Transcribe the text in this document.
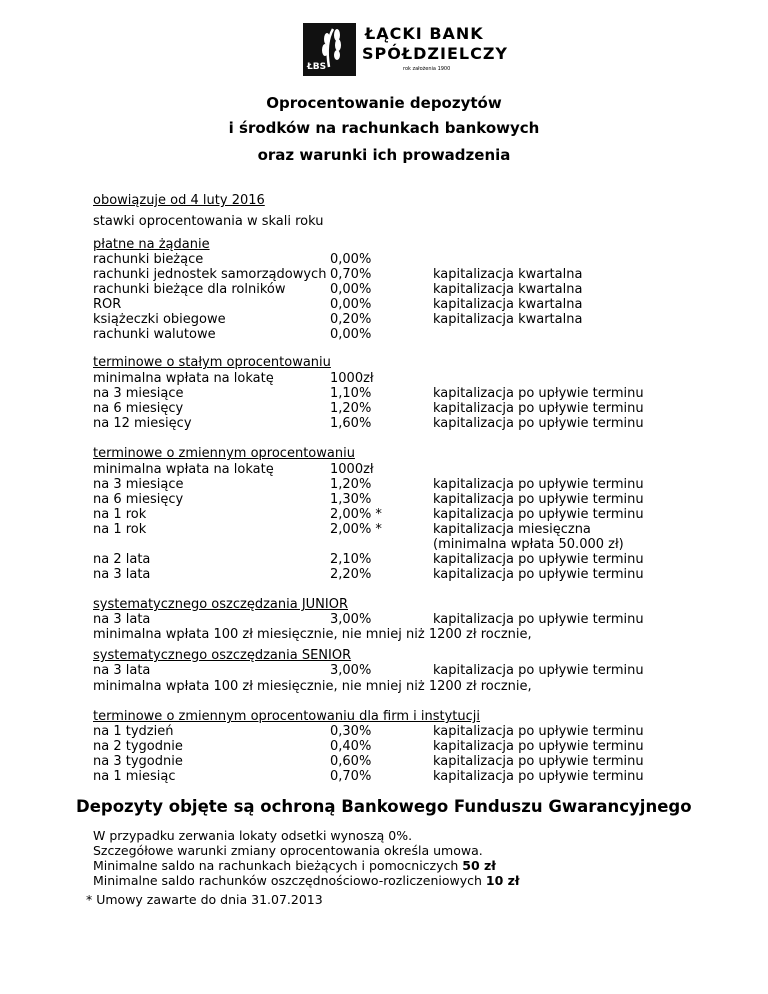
ŁBS
ŁĄCKI BANK
SPÓŁDZIELCZY
rok założenia 1900
Oprocentowanie depozytów
i środków na rachunkach bankowych
oraz warunki ich prowadzenia
obowiązuje od 4 luty 2016
stawki oprocentowania w skali roku
płatne na żądanie
rachunki bieżące	0,00%
rachunki jednostek samorządowych 0,70%	kapitalizacja kwartalna
rachunki bieżące dla rolników	0,00%	kapitalizacja kwartalna
ROR	0,00%	kapitalizacja kwartalna
książeczki obiegowe	0,20%	kapitalizacja kwartalna
rachunki walutowe	0,00%
terminowe o stałym oprocentowaniu
minimalna wpłata na lokatę	1000zł
na 3 miesiące	1,10%	kapitalizacja po upływie terminu
na 6 miesięcy	1,20%	kapitalizacja po upływie terminu
na 12 miesięcy	1,60%	kapitalizacja po upływie terminu
terminowe o zmiennym oprocentowaniu
minimalna wpłata na lokatę	1000zł
na 3 miesiące	1,20%	kapitalizacja po upływie terminu
na 6 miesięcy	1,30%	kapitalizacja po upływie terminu
na 1 rok	2,00% *	kapitalizacja po upływie terminu
na 1 rok	2,00% *	kapitalizacja miesięczna
(minimalna wpłata 50.000 zł)
na 2 lata	2,10%	kapitalizacja po upływie terminu
na 3 lata	2,20%	kapitalizacja po upływie terminu
systematycznego oszczędzania JUNIOR
na 3 lata	3,00%	kapitalizacja po upływie terminu
minimalna wpłata 100 zł miesięcznie, nie mniej niż 1200 zł rocznie,
systematycznego oszczędzania SENIOR
na 3 lata	3,00%	kapitalizacja po upływie terminu
minimalna wpłata 100 zł miesięcznie, nie mniej niż 1200 zł rocznie,
terminowe o zmiennym oprocentowaniu dla firm i instytucji
na 1 tydzień	0,30%	kapitalizacja po upływie terminu
na 2 tygodnie	0,40%	kapitalizacja po upływie terminu
na 3 tygodnie	0,60%	kapitalizacja po upływie terminu
na 1 miesiąc	0,70%	kapitalizacja po upływie terminu
Depozyty objęte są ochroną Bankowego Funduszu Gwarancyjnego
W przypadku zerwania lokaty odsetki wynoszą 0%.
Szczegółowe warunki zmiany oprocentowania określa umowa.
Minimalne saldo na rachunkach bieżących i pomocniczych 50 zł
Minimalne saldo rachunków oszczędnościowo-rozliczeniowych 10 zł
* Umowy zawarte do dnia 31.07.2013
